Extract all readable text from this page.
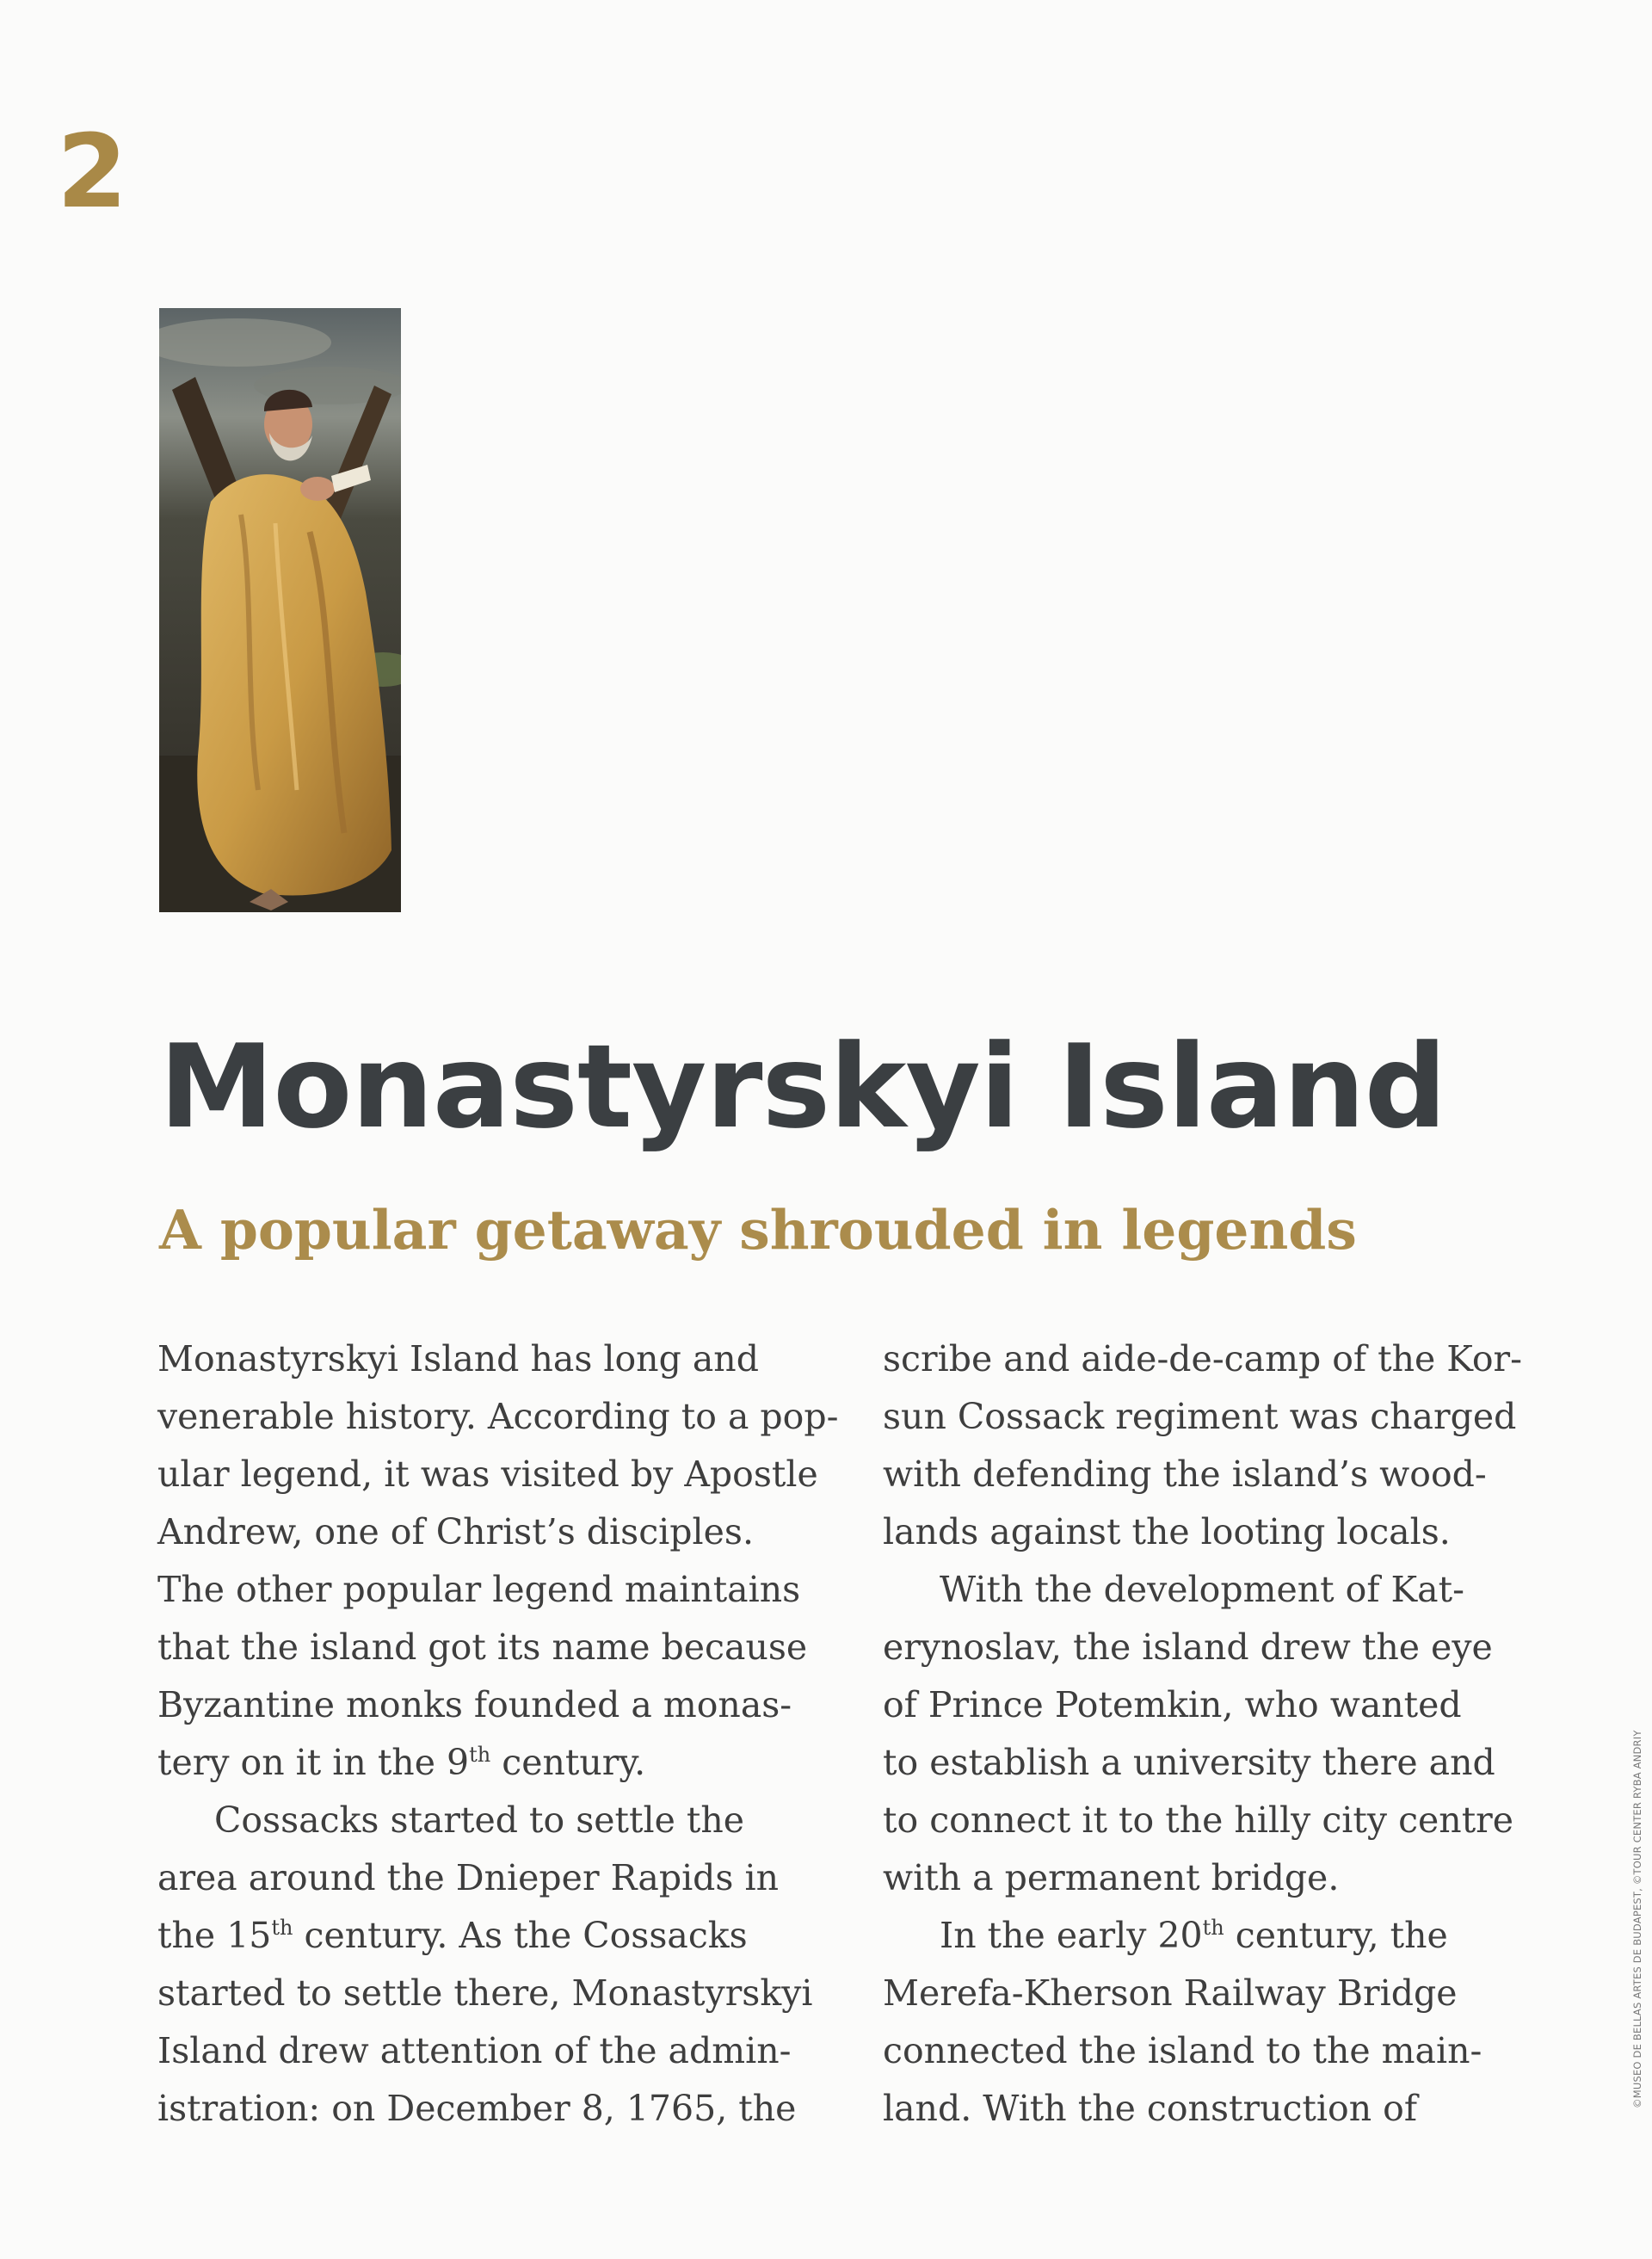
2
Monastyrskyi Island
A popular getaway shrouded in legends
Monastyrskyi Island has long and
venerable history. According to a pop-
ular legend, it was visited by Apostle
Andrew, one of Christ’s disciples.
The other popular legend maintains
that the island got its name because
Byzantine monks founded a monas-
tery on it in the 9th century.
Cossacks started to settle the
area around the Dnieper Rapids in
the 15th century. As the Cossacks
started to settle there, Monastyrskyi
Island drew attention of the admin-
istration: on December 8, 1765, the
scribe and aide-de-camp of the Kor-
sun Cossack regiment was charged
with defending the island’s wood-
lands against the looting locals.
With the development of Kat-
erynoslav, the island drew the eye
of Prince Potemkin, who wanted
to establish a university there and
to connect it to the hilly city centre
with a permanent bridge.
In the early 20th century, the
Merefa-Kherson Railway Bridge
connected the island to the main-
land. With the construction of	©MUSEO DE BELLAS ARTES DE BUDAPEST, ©TOUR CENTER RYBA ANDRIY
